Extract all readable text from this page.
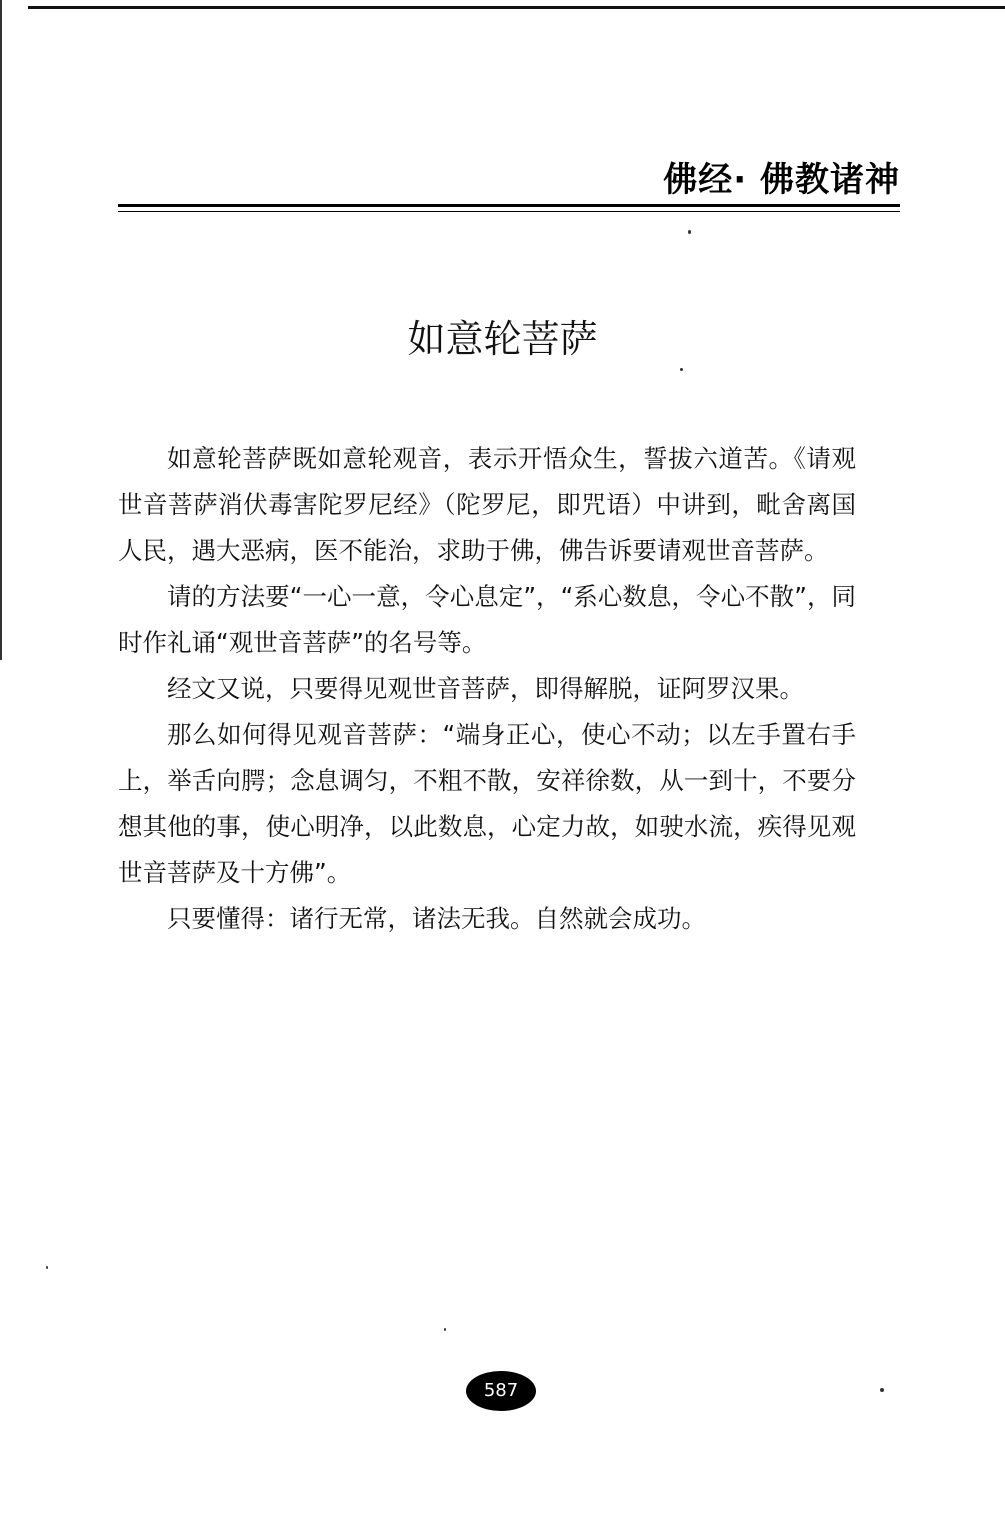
佛经· 佛教诸神
如意轮菩萨

如意轮菩萨既如意轮观音，表示开悟众生，誓拔六道苦。《请观世音菩萨消伏毒害陀罗尼经》（陀罗尼，即咒语）中讲到，毗舍离国人民，遇大恶病，医不能治，求助于佛，佛告诉要请观世音菩萨。

请的方法要“一心一意，令心息定”，“系心数息，令心不散”，同时作礼诵“观世音菩萨”的名号等。

经文又说，只要得见观世音菩萨，即得解脱，证阿罗汉果。

那么如何得见观音菩萨：“端身正心，使心不动；以左手置右手上，举舌向腭；念息调匀，不粗不散，安祥徐数，从一到十，不要分想其他的事，使心明净，以此数息，心定力故，如驶水流，疾得见观世音菩萨及十方佛”。

只要懂得：诸行无常，诸法无我。自然就会成功。

587
